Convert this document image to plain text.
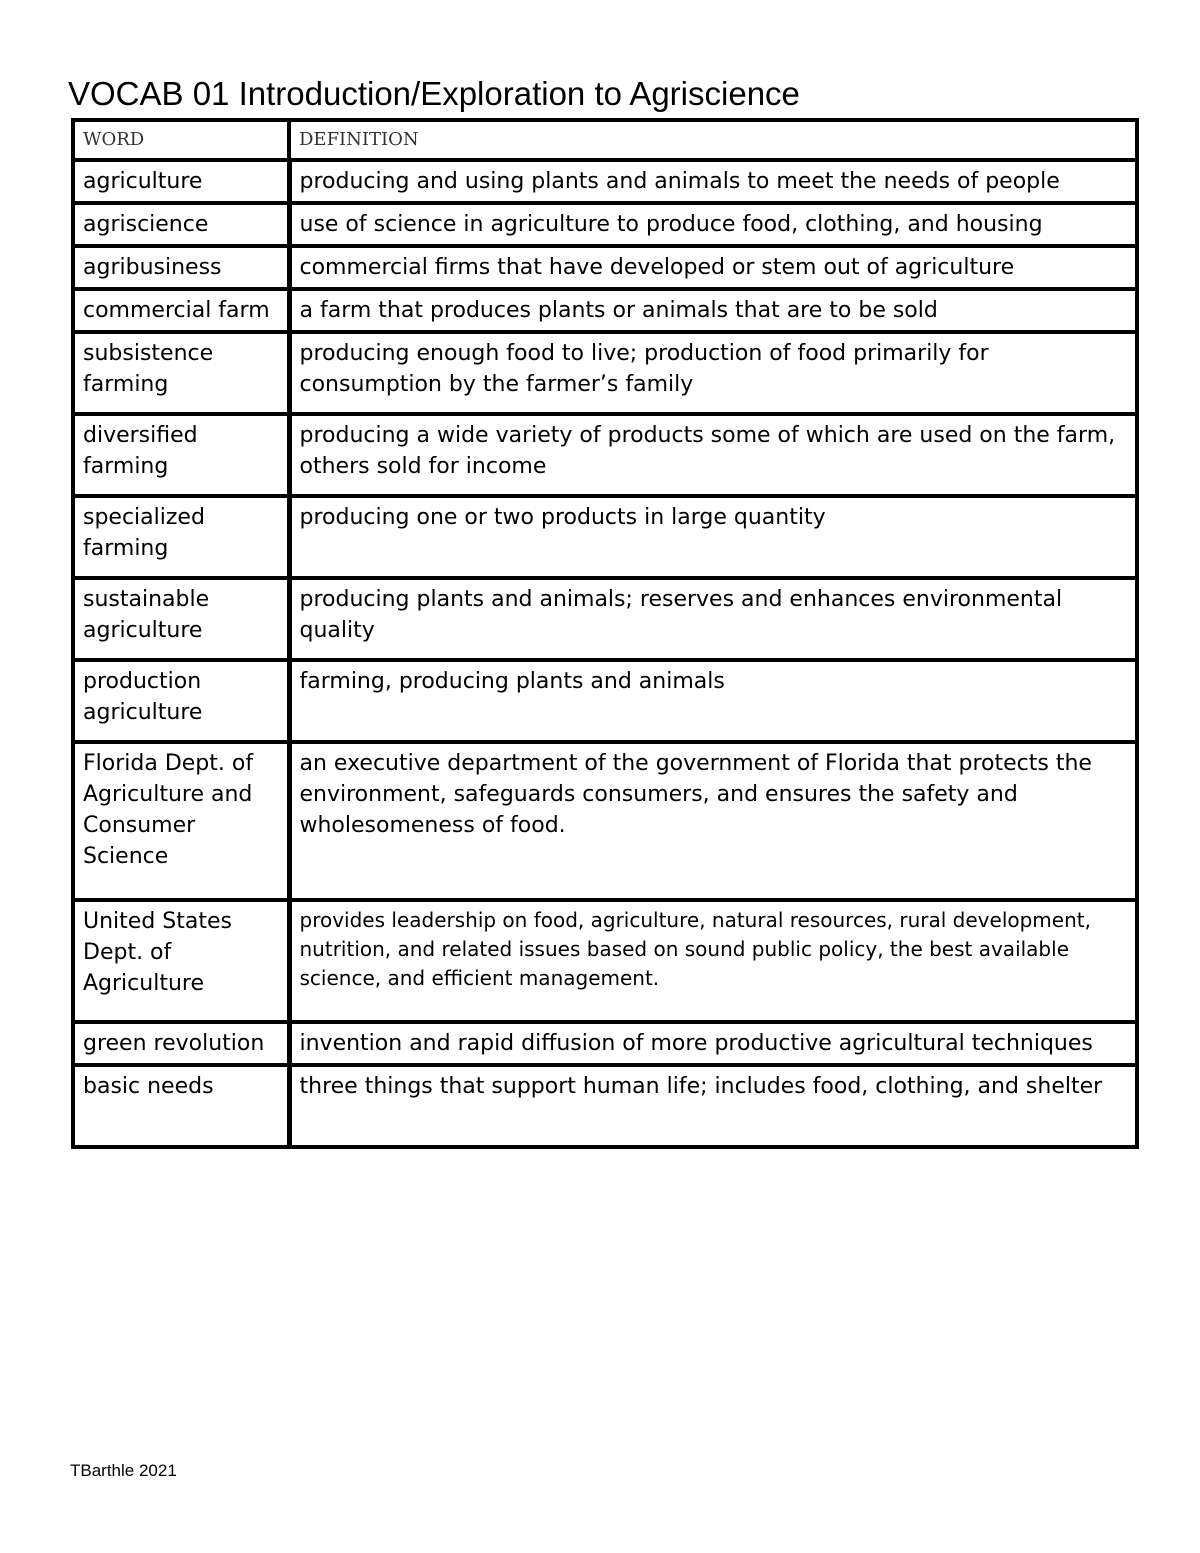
VOCAB 01 Introduction/Exploration to Agriscience
WORD	DEFINITION
agriculture	producing and using plants and animals to meet the needs of people
agriscience	use of science in agriculture to produce food, clothing, and housing
agribusiness	commercial firms that have developed or stem out of agriculture
commercial farm	a farm that produces plants or animals that are to be sold
subsistence farming	producing enough food to live; production of food primarily for consumption by the farmer’s family
diversified farming	producing a wide variety of products some of which are used on the farm, others sold for income
specialized farming	producing one or two products in large quantity
sustainable agriculture	producing plants and animals; reserves and enhances environmental quality
production agriculture	farming, producing plants and animals
Florida Dept. of Agriculture and Consumer Science	an executive department of the government of Florida that protects the environment, safeguards consumers, and ensures the safety and wholesomeness of food.
United States Dept. of Agriculture	provides leadership on food, agriculture, natural resources, rural development, nutrition, and related issues based on sound public policy, the best available science, and efficient management.
green revolution	invention and rapid diffusion of more productive agricultural techniques
basic needs	three things that support human life; includes food, clothing, and shelter
TBarthle 2021
